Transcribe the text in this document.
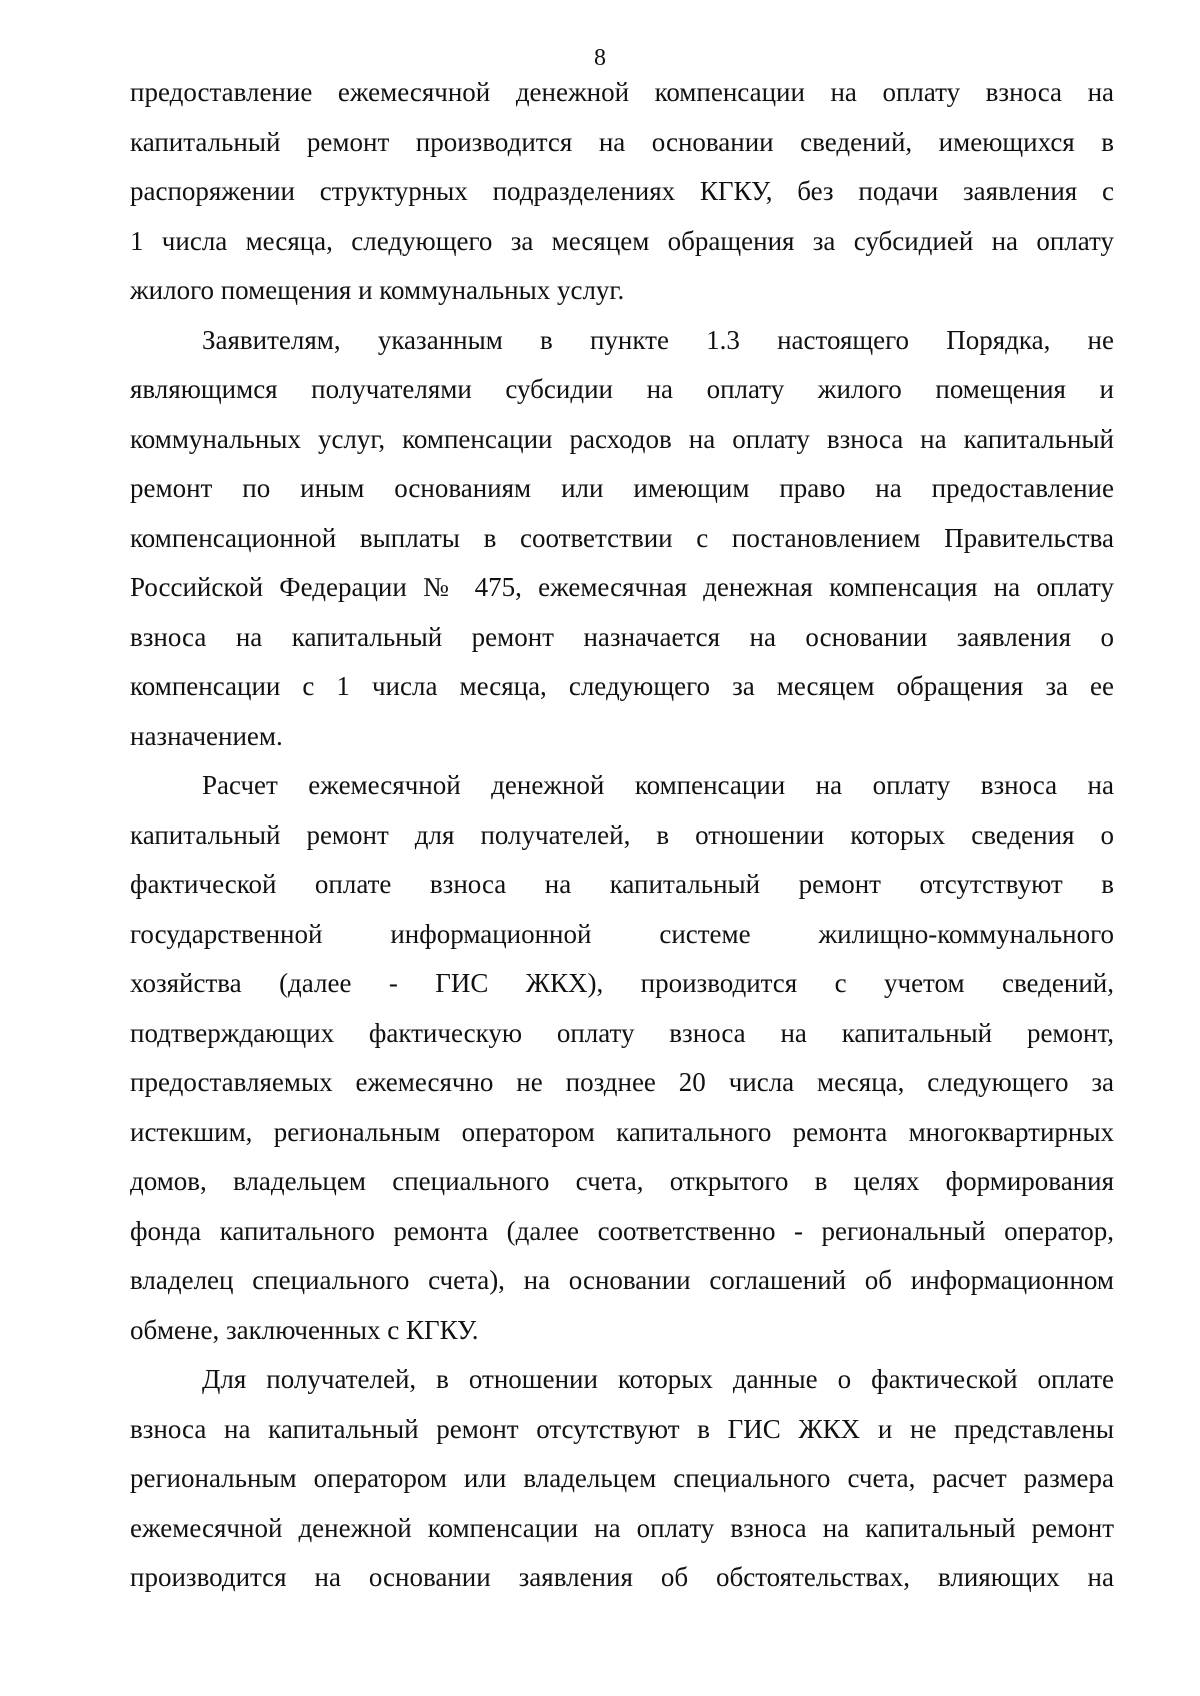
8
предоставление ежемесячной денежной компенсации на оплату взноса на
капитальный ремонт производится на основании сведений, имеющихся в
распоряжении структурных подразделениях КГКУ, без подачи заявления с
1 числа месяца, следующего за месяцем обращения за субсидией на оплату
жилого помещения и коммунальных услуг.
Заявителям, указанным в пункте 1.3 настоящего Порядка, не
являющимся получателями субсидии на оплату жилого помещения и
коммунальных услуг, компенсации расходов на оплату взноса на капитальный
ремонт по иным основаниям или имеющим право на предоставление
компенсационной выплаты в соответствии с постановлением Правительства
Российской Федерации № 475, ежемесячная денежная компенсация на оплату
взноса на капитальный ремонт назначается на основании заявления о
компенсации с 1 числа месяца, следующего за месяцем обращения за ее
назначением.
Расчет ежемесячной денежной компенсации на оплату взноса на
капитальный ремонт для получателей, в отношении которых сведения о
фактической оплате взноса на капитальный ремонт отсутствуют в
государственной информационной системе жилищно-коммунального
хозяйства (далее - ГИС ЖКХ), производится с учетом сведений,
подтверждающих фактическую оплату взноса на капитальный ремонт,
предоставляемых ежемесячно не позднее 20 числа месяца, следующего за
истекшим, региональным оператором капитального ремонта многоквартирных
домов, владельцем специального счета, открытого в целях формирования
фонда капитального ремонта (далее соответственно - региональный оператор,
владелец специального счета), на основании соглашений об информационном
обмене, заключенных с КГКУ.
Для получателей, в отношении которых данные о фактической оплате
взноса на капитальный ремонт отсутствуют в ГИС ЖКХ и не представлены
региональным оператором или владельцем специального счета, расчет размера
ежемесячной денежной компенсации на оплату взноса на капитальный ремонт
производится на основании заявления об обстоятельствах, влияющих на
